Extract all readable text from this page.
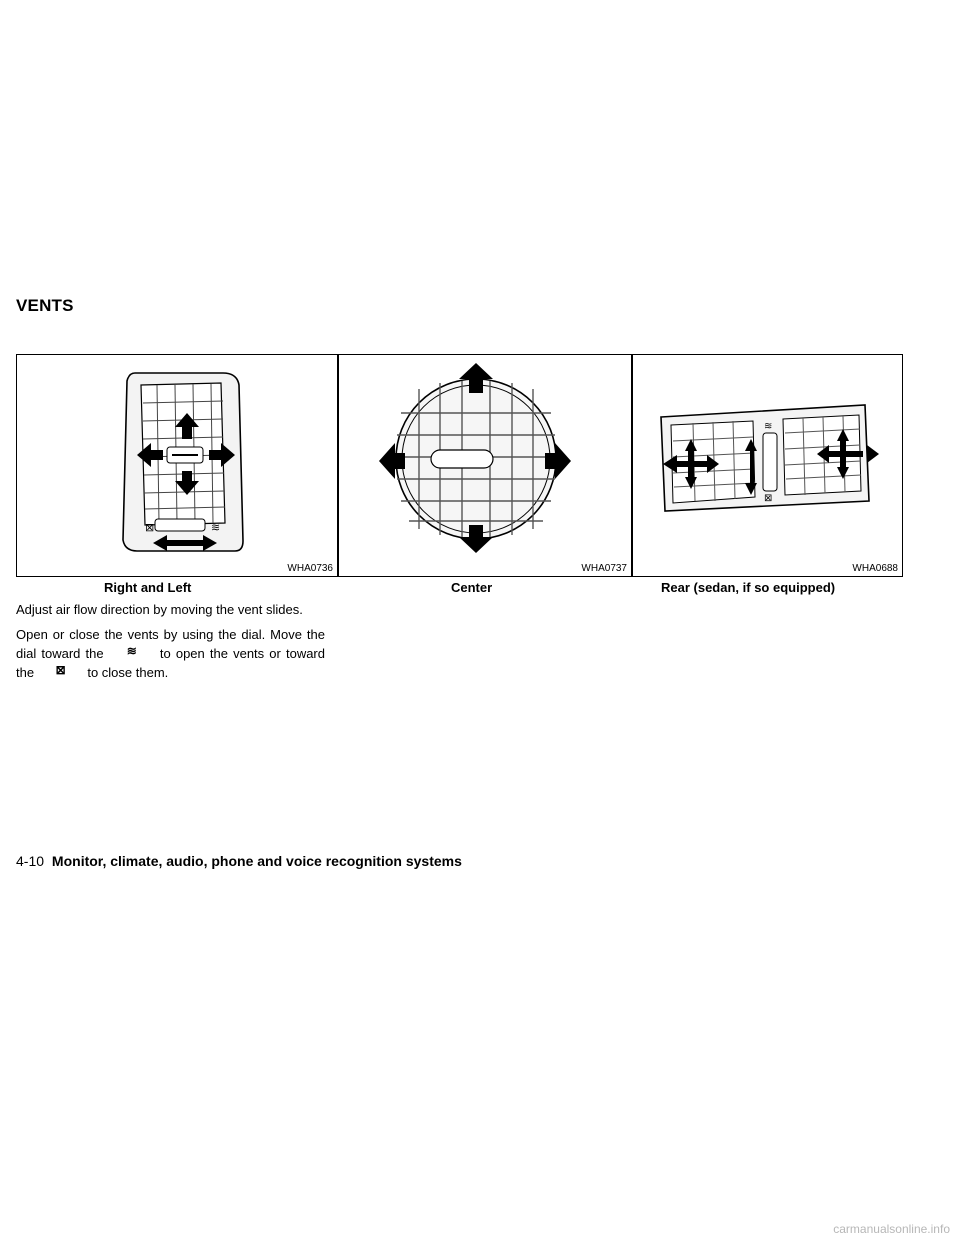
VENTS
⊠	≋
WHA0736	WHA0737
≋
⊠
WHA0688
Right and Left	Center	Rear (sedan, if so equipped)

Adjust air flow direction by moving the vent slides.

Open or close the vents by using the dial. Move the dial toward the ≋ to open the vents or toward the ⊠ to close them.

4-10 Monitor, climate, audio, phone and voice recognition systems
carmanualsonline.info
